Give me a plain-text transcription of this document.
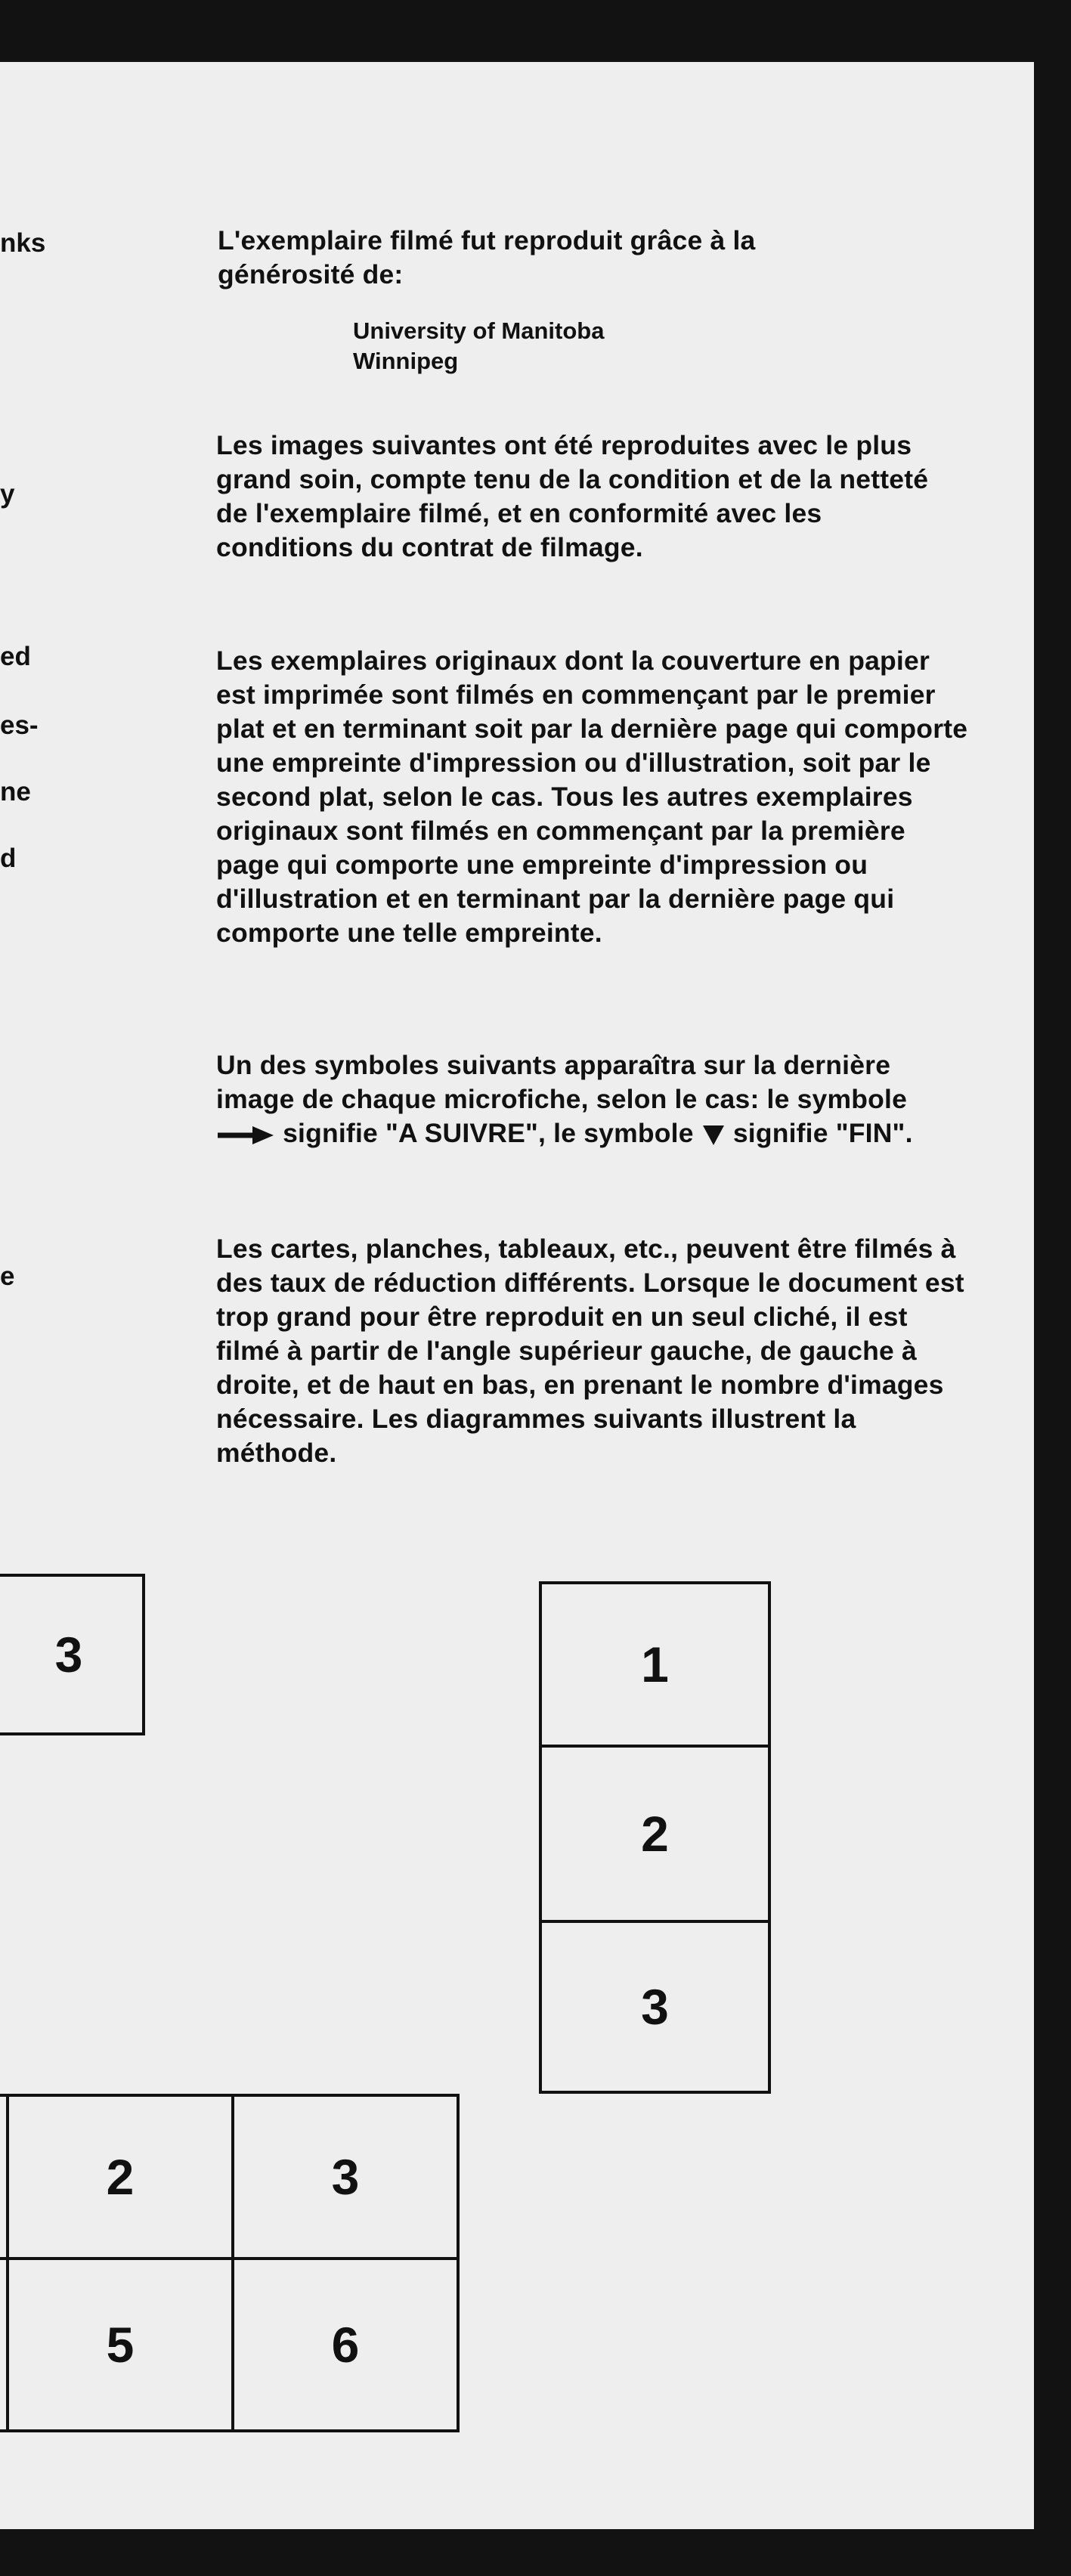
nks
y
ed
es-
ne
d
e

L'exemplaire filmé fut reproduit grâce à la générosité de:

University of Manitoba
Winnipeg

Les images suivantes ont été reproduites avec le plus grand soin, compte tenu de la condition et de la netteté de l'exemplaire filmé, et en conformité avec les conditions du contrat de filmage.

Les exemplaires originaux dont la couverture en papier est imprimée sont filmés en commençant par le premier plat et en terminant soit par la dernière page qui comporte une empreinte d'impression ou d'illustration, soit par le second plat, selon le cas. Tous les autres exemplaires originaux sont filmés en commençant par la première page qui comporte une empreinte d'impression ou d'illustration et en terminant par la dernière page qui comporte une telle empreinte.

Un des symboles suivants apparaîtra sur la dernière image de chaque microfiche, selon le cas: le symbole  signifie "A SUIVRE", le symbole signifie "FIN".

Les cartes, planches, tableaux, etc., peuvent être filmés à des taux de réduction différents. Lorsque le document est trop grand pour être reproduit en un seul cliché, il est filmé à partir de l'angle supérieur gauche, de gauche à droite, et de haut en bas, en prenant le nombre d'images nécessaire. Les diagrammes suivants illustrent la méthode.

3	1
2
3
2	3
5	6
